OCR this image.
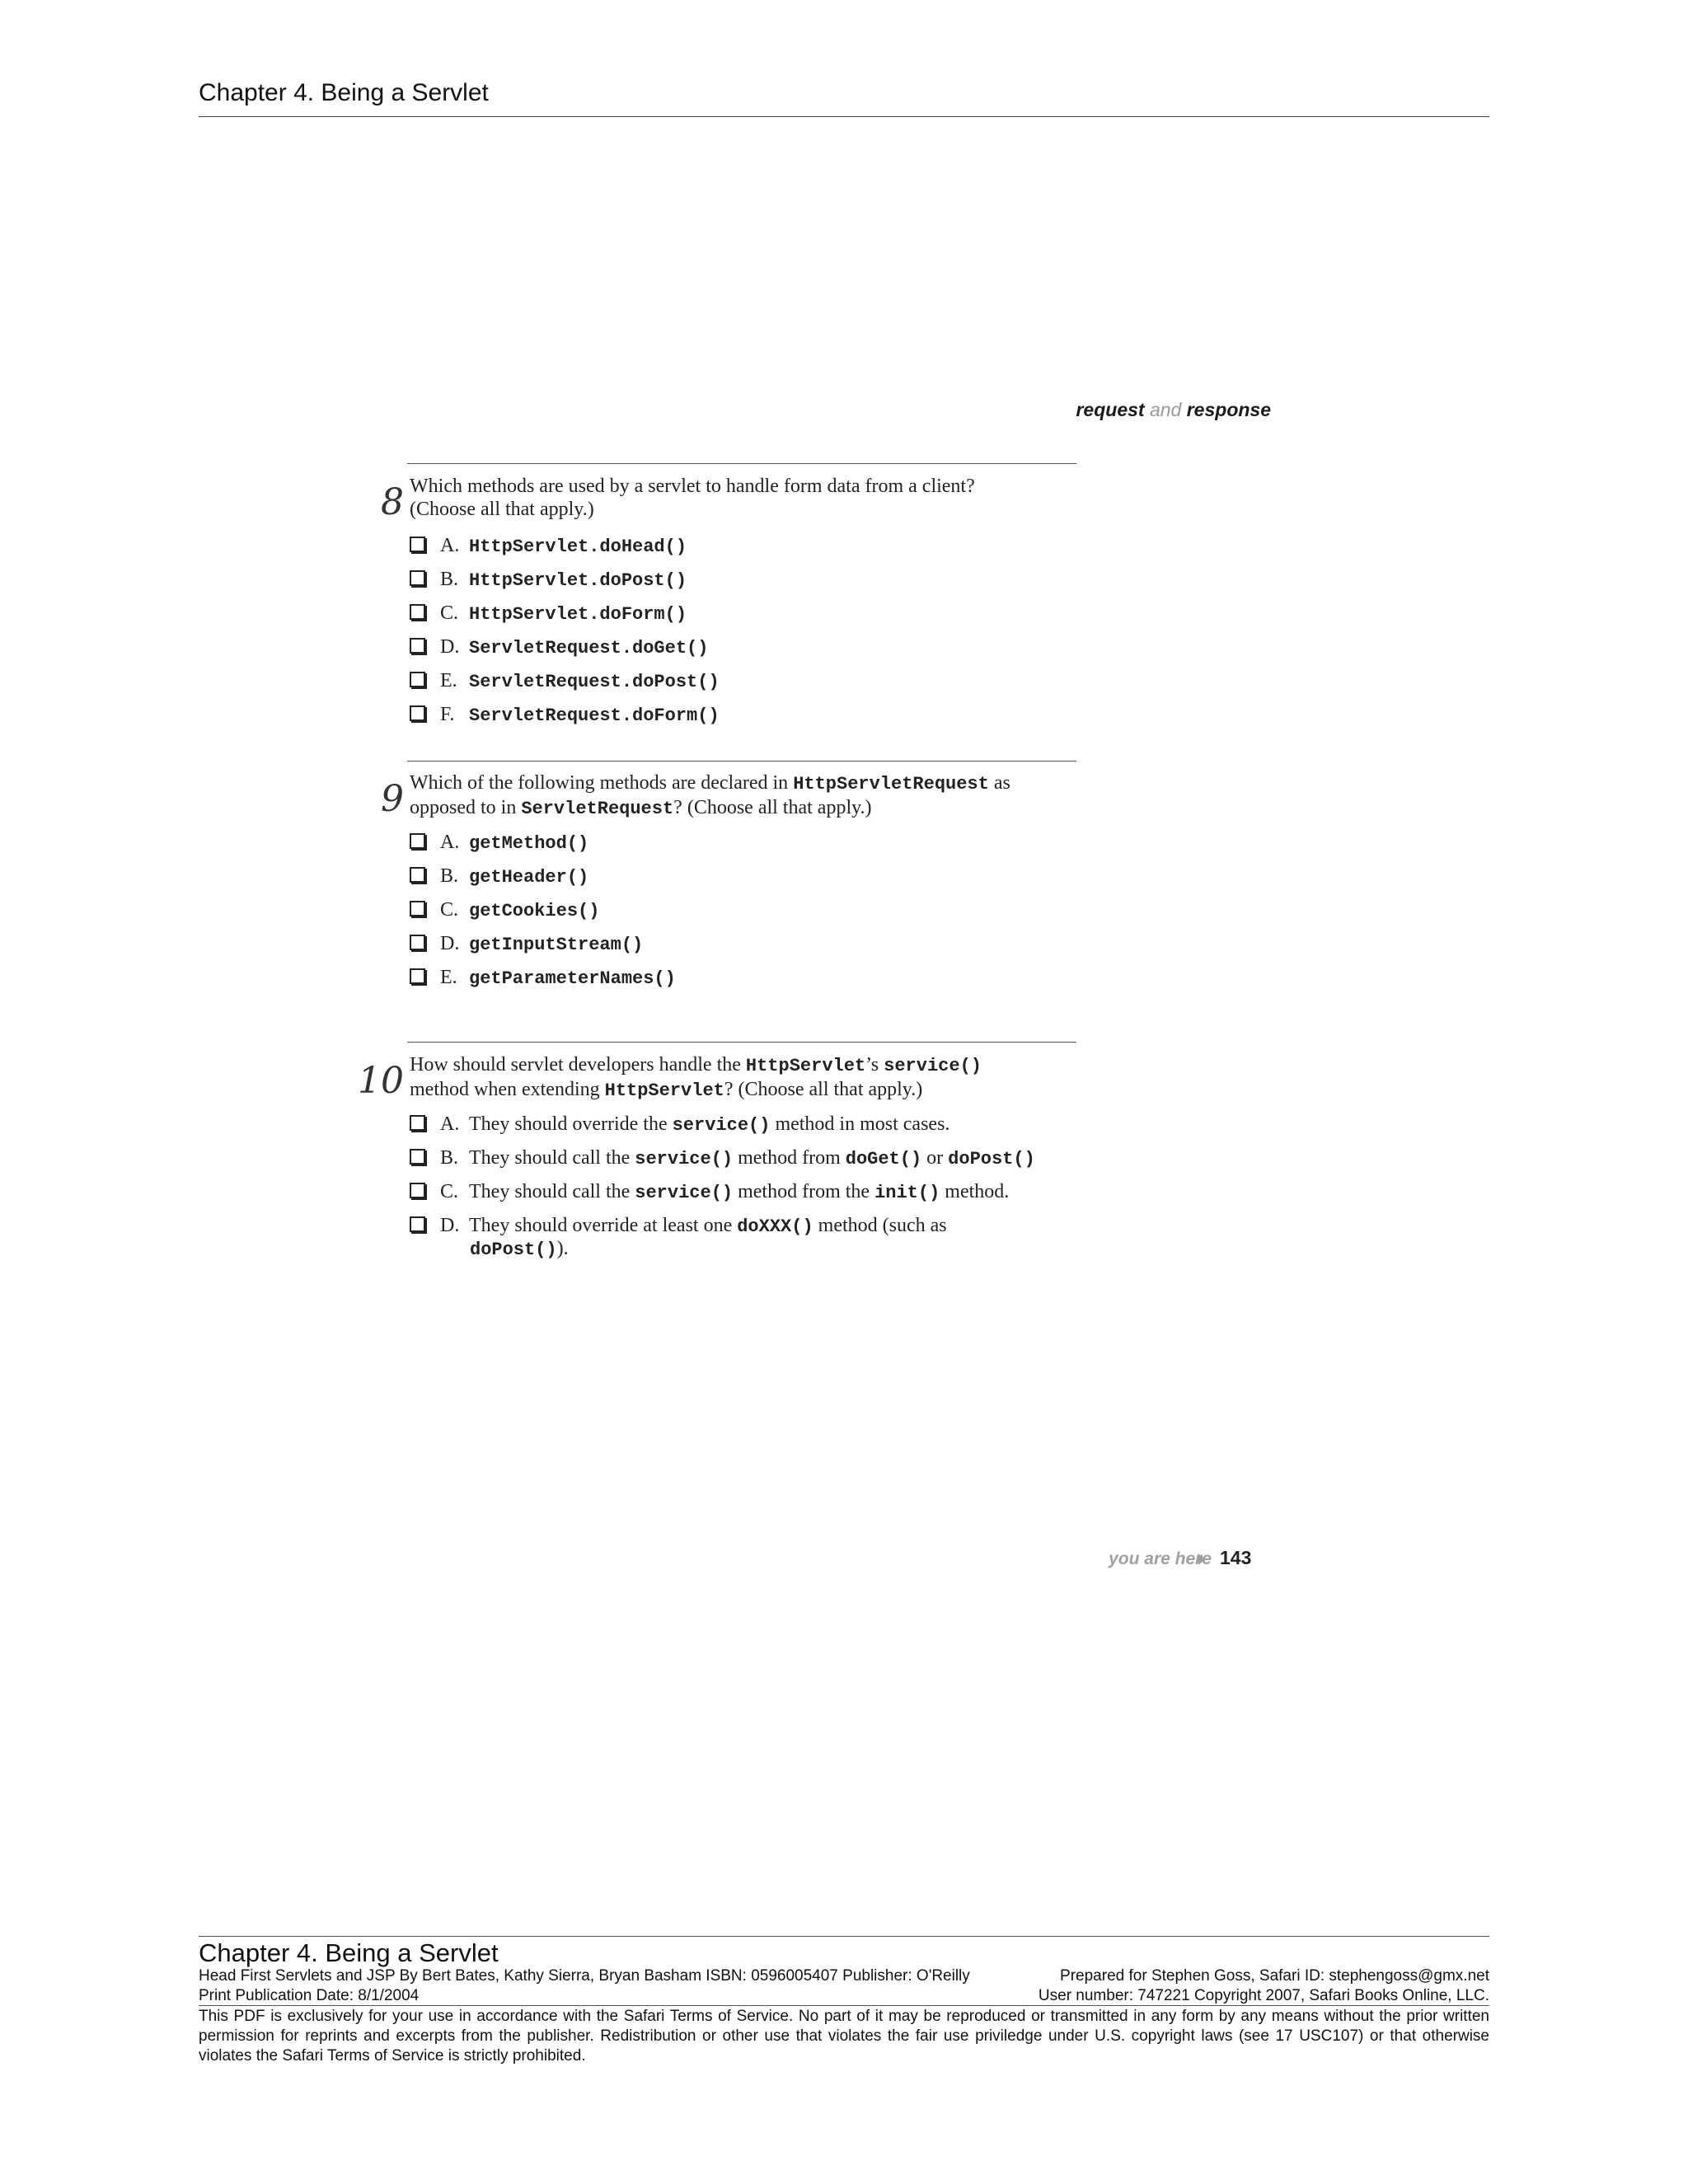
Chapter 4. Being a Servlet
request and response
8 Which methods are used by a servlet to handle form data from a client?
(Choose all that apply.)
A. HttpServlet.doHead()
B. HttpServlet.doPost()
C. HttpServlet.doForm()
D. ServletRequest.doGet()
E. ServletRequest.doPost()
F. ServletRequest.doForm()
9 Which of the following methods are declared in HttpServletRequest as
opposed to in ServletRequest? (Choose all that apply.)
A. getMethod()
B. getHeader()
C. getCookies()
D. getInputStream()
E. getParameterNames()
10 How should servlet developers handle the HttpServlet’s service()
method when extending HttpServlet? (Choose all that apply.)
A. They should override the service() method in most cases.
B. They should call the service() method from doGet() or doPost()
C. They should call the service() method from the init() method.
D. They should override at least one doXXX() method (such as
doPost()).
you are here 143
Chapter 4. Being a Servlet
Head First Servlets and JSP By Bert Bates, Kathy Sierra, Bryan Basham ISBN: 0596005407 Publisher: O'Reilly	Prepared for Stephen Goss, Safari ID: stephengoss@gmx.net
Print Publication Date: 8/1/2004	User number: 747221 Copyright 2007, Safari Books Online, LLC.
This PDF is exclusively for your use in accordance with the Safari Terms of Service. No part of it may be reproduced or transmitted in any form by any means without the prior written permission for reprints and excerpts from the publisher. Redistribution or other use that violates the fair use priviledge under U.S. copyright laws (see 17 USC107) or that otherwise violates the Safari Terms of Service is strictly prohibited.
